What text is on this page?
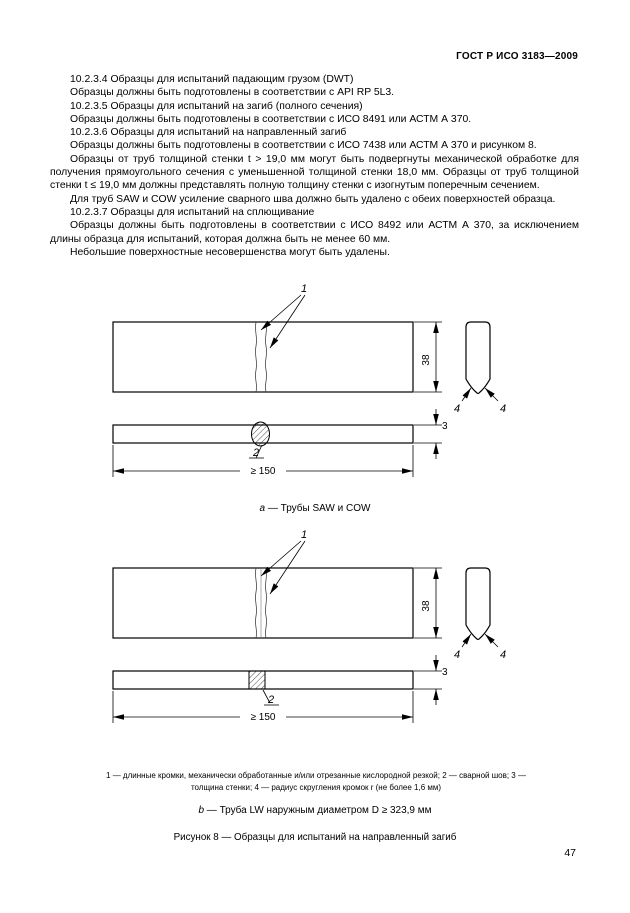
ГОСТ Р ИСО 3183—2009

10.2.3.4 Образцы для испытаний падающим грузом (DWT)

Образцы должны быть подготовлены в соответствии с API RP 5L3.

10.2.3.5 Образцы для испытаний на загиб (полного сечения)

Образцы должны быть подготовлены в соответствии с ИСО 8491 или АСТМ А 370.

10.2.3.6 Образцы для испытаний на направленный загиб

Образцы должны быть подготовлены в соответствии с ИСО 7438 или АСТМ А 370 и рисунком 8.

Образцы от труб толщиной стенки t > 19,0 мм могут быть подвергнуты механической обработке для получения прямоугольного сечения с уменьшенной толщиной стенки 18,0 мм. Образцы от труб толщиной стенки t ≤ 19,0 мм должны представлять полную толщину стенки с изогнутым поперечным сечением.

Для труб SAW и COW усиление сварного шва должно быть удалено с обеих поверхностей образца.

10.2.3.7 Образцы для испытаний на сплющивание

Образцы должны быть подготовлены в соответствии с ИСО 8492 или АСТМ А 370, за исключением длины образца для испытаний, которая должна быть не менее 60 мм.

Небольшие поверхностные несовершенства могут быть удалены.

1
38
4	4
2
3
≥ 150
a — Трубы SAW и COW
1
38
4	4
2
3
≥ 150
1 — длинные кромки, механически обработанные и/или отрезанные кислородной резкой; 2 — сварной шов; 3 — толщина стенки; 4 — радиус скругления кромок r (не более 1,6 мм)
b — Труба LW наружным диаметром D ≥ 323,9 мм
Рисунок 8 — Образцы для испытаний на направленный загиб
47
